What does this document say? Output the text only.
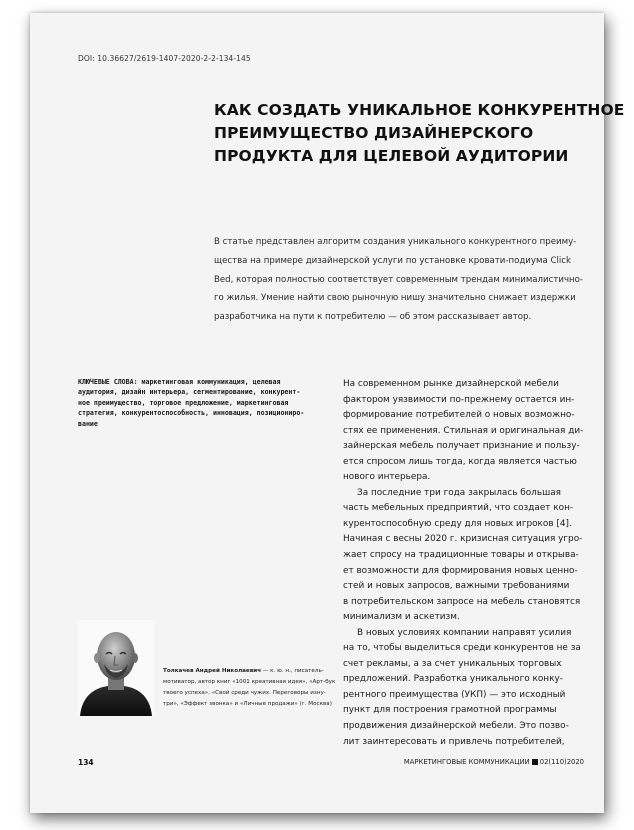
DOI: 10.36627/2619-1407-2020-2-2-134-145
КАК СОЗДАТЬ УНИКАЛЬНОЕ КОНКУРЕНТНОЕ
ПРЕИМУЩЕСТВО ДИЗАЙНЕРСКОГО
ПРОДУКТА ДЛЯ ЦЕЛЕВОЙ АУДИТОРИИ

В статье представлен алгоритм создания уникального конкурентного преиму-
щества на примере дизайнерской услуги по установке кровати-подиума Click
Bed, которая полностью соответствует современным трендам минималистично-
го жилья. Умение найти свою рыночную нишу значительно снижает издержки
разработчика на пути к потребителю — об этом рассказывает автор.

КЛЮЧЕВЫЕ СЛОВА: маркетинговая коммуникация, целевая
аудитория, дизайн интерьера, сегментирование, конкурент-
ное преимущество, торговое предложение, маркетинговая
стратегия, конкурентоспособность, инновация, позициониро-
вание
На современном рынке дизайнерской мебели
фактором уязвимости по-прежнему остается ин-
формирование потребителей о новых возможно-
стях ее применения. Стильная и оригинальная ди-
зайнерская мебель получает признание и пользу-
ется спросом лишь тогда, когда является частью
нового интерьера.
За последние три года закрылась большая
часть мебельных предприятий, что создает кон-
курентоспособную среду для новых игроков [4].
Начиная с весны 2020 г. кризисная ситуация угро-
жает спросу на традиционные товары и открыва-
ет возможности для формирования новых ценно-
стей и новых запросов, важными требованиями
в потребительском запросе на мебель становятся
минимализм и аскетизм.
В новых условиях компании направят усилия
на то, чтобы выделиться среди конкурентов не за
счет рекламы, а за счет уникальных торговых
предложений. Разработка уникального конку-
рентного преимущества (УКП) — это исходный
пункт для построения грамотной программы
продвижения дизайнерской мебели. Это позво-
лит заинтересовать и привлечь потребителей,
Толкачев Андрей Николаевич — к. ю. н., писатель-
мотиватор, автор книг «1001 креативная идея», «Арт-бук
твоего успеха», «Свой среди чужих. Переговоры изну-
три», «Эффект звонка» и «Личные продажи» (г. Москва)
134	МАРКЕТИНГОВЫЕ КОММУНИКАЦИИ 02(110)2020
